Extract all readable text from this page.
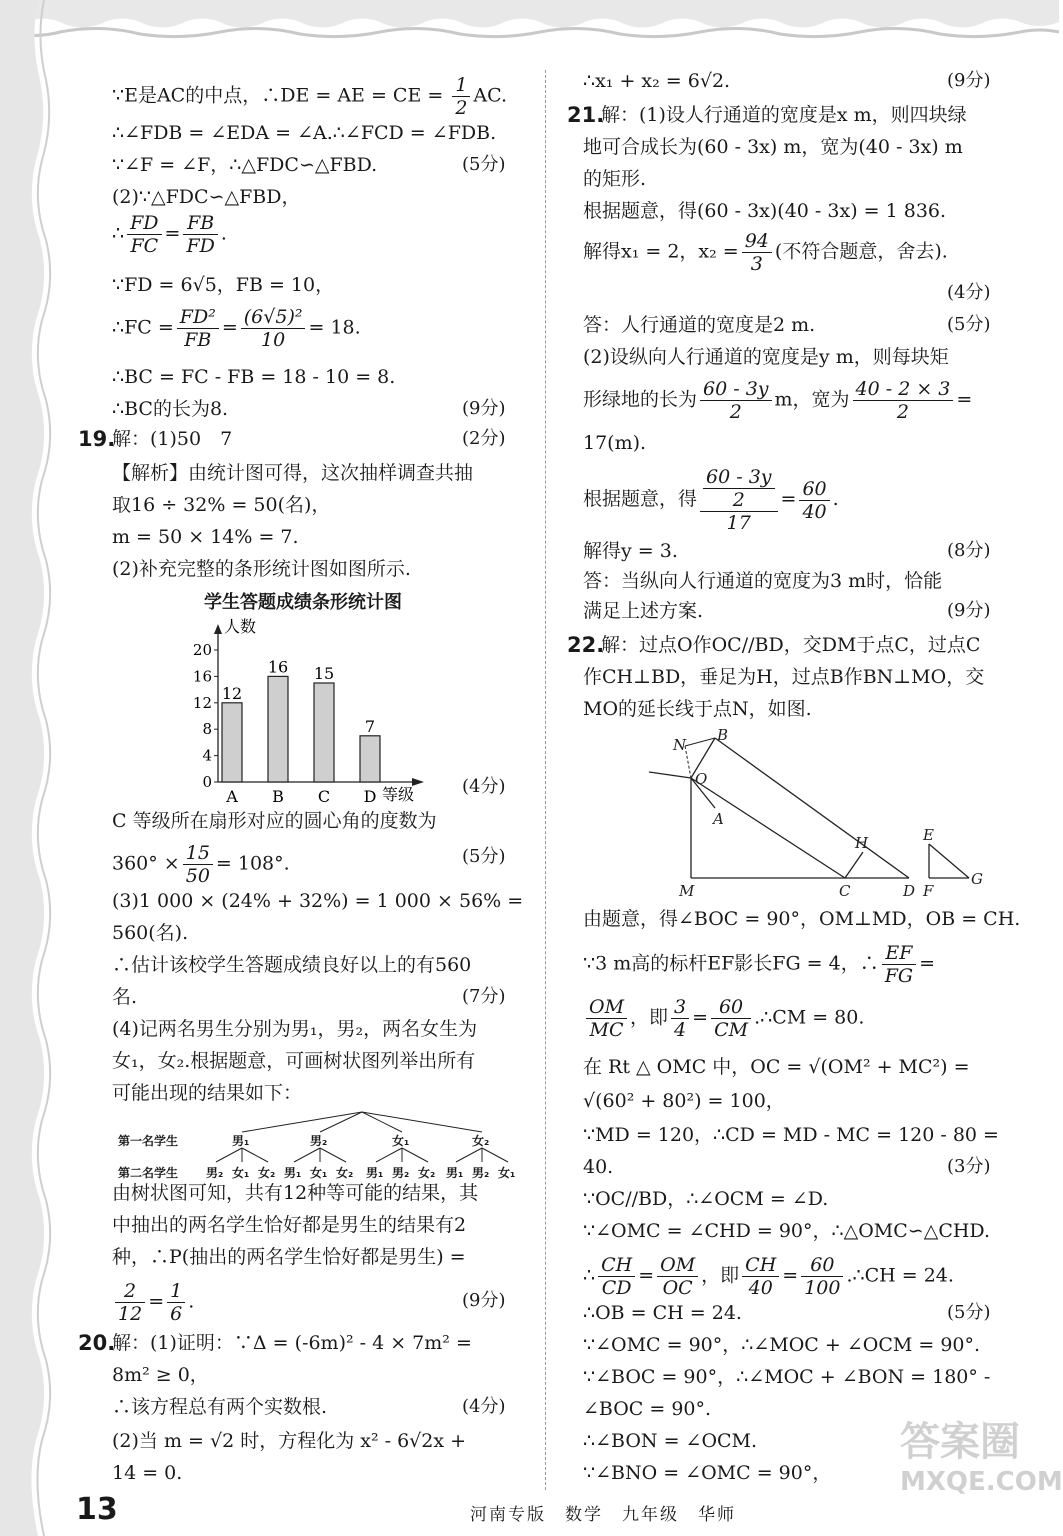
∵E是AC的中点，∴DE = AE = CE = $\frac{1}{2}$ AC.
∴∠FDB = ∠EDA = ∠A.∴∠FCD = ∠FDB.
∵∠F = ∠F，∴△FDC∽△FBD.	(5分)
(2)∵△FDC∽△FBD，
∴ $\frac{FD}{FC} = \frac{FB}{FD}$ .
∵FD = 6√5，FB = 10，
∴FC = $\frac{\text{FD²}}{FB} = \frac{\text{(6√5)²}}{10} = 18$.
∴BC = FC - FB = 18 - 10 = 8.
∴BC的长为8.	(9分)
19.
解：(1)50　7	(2分)
【解析】由统计图可得，这次抽样调查共抽
取16 ÷ 32% = 50(名)，
m = 50 × 14% = 7.
(2)补充完整的条形统计图如图所示.
学生答题成绩条形统计图
人数
等级
0
4
8
12
16
20
12
A
16
B
15
C
7
D	(4分)
C 等级所在扇形对应的圆心角的度数为
$360^\circ \times \frac{15}{50} = 108^\circ$.	(5分)
(3)1 000 × (24% + 32%) = 1 000 × 56% =
560(名).
∴估计该校学生答题成绩良好以上的有560
名.	(7分)
(4)记两名男生分别为男₁，男₂，两名女生为
女₁，女₂.根据题意，可画树状图列举出所有
可能出现的结果如下：
第一名学生
第二名学生
男₁	男₂	女₁	女₂
男₂ 女₁ 女₂ 男₁ 女₁ 女₂ 男₁ 男₂ 女₂ 男₁ 男₂ 女₁
由树状图可知，共有12种等可能的结果，其
中抽出的两名学生恰好都是男生的结果有2
种，∴P(抽出的两名学生恰好都是男生) =
$\frac{2}{12} = \frac{1}{6}$ .	(9分)
20.
解：(1)证明：∵Δ = (-6m)² - 4 × 7m² =
8m² ≥ 0，
∴该方程总有两个实数根.	(4分)
(2)当 m = √2 时，方程化为 x² - 6√2x +
14 = 0.
∴x₁ + x₂ = 6√2.	(9分)
21.
解：(1)设人行通道的宽度是x m，则四块绿
地可合成长为(60 - 3x) m，宽为(40 - 3x) m
的矩形.
根据题意，得(60 - 3x)(40 - 3x) = 1 836.
解得x₁ = 2，$x_2 = \frac{94}{3}$ (不符合题意，舍去).
(4分)
答：人行通道的宽度是2 m.	(5分)
(2)设纵向人行通道的宽度是y m，则每块矩
形绿地的长为 $\frac{60 - 3y}{2}$ m，宽为 $\frac{40 - 2 \times 3}{2}$ =
17(m).
根据题意，得 $\frac{\frac{60 - 3y}{2}}{17} = \frac{60}{40}$ .
解得y = 3.	(8分)
答：当纵向人行通道的宽度为3 m时，恰能
满足上述方案.	(9分)
22.
解：过点O作OC//BD，交DM于点C，过点C
作CH⊥BD，垂足为H，过点B作BN⊥MO，交
MO的延长线于点N，如图.
N
B
O
A
H	E
M	C	D F
G
由题意，得∠BOC = 90°，OM⊥MD，OB = CH.
∵3 m高的标杆EF影长FG = 4，∴ $\frac{EF}{FG}$ =
$\frac{OM}{MC}$ ，即 $\frac{3}{4} = \frac{60}{CM}$ .∴CM = 80.
在 Rt △ OMC 中，OC = √(OM² + MC²) =
√(60² + 80²) = 100，
∵MD = 120，∴CD = MD - MC = 120 - 80 =
40.	(3分)
∵OC//BD，∴∠OCM = ∠D.
∵∠OMC = ∠CHD = 90°，∴△OMC∽△CHD.
∴ $\frac{CH}{CD} = \frac{OM}{OC}$ ，即 $\frac{CH}{40} = \frac{60}{100}$ .∴CH = 24.
∴OB = CH = 24.	(5分)
∵∠OMC = 90°，∴∠MOC + ∠OCM = 90°.
∵∠BOC = 90°，∴∠MOC + ∠BON = 180° -
∠BOC = 90°.
∴∠BON = ∠OCM.
∵∠BNO = ∠OMC = 90°，
13	河南专版　数学　九年级　华师
答案圈
MXQE.COM
